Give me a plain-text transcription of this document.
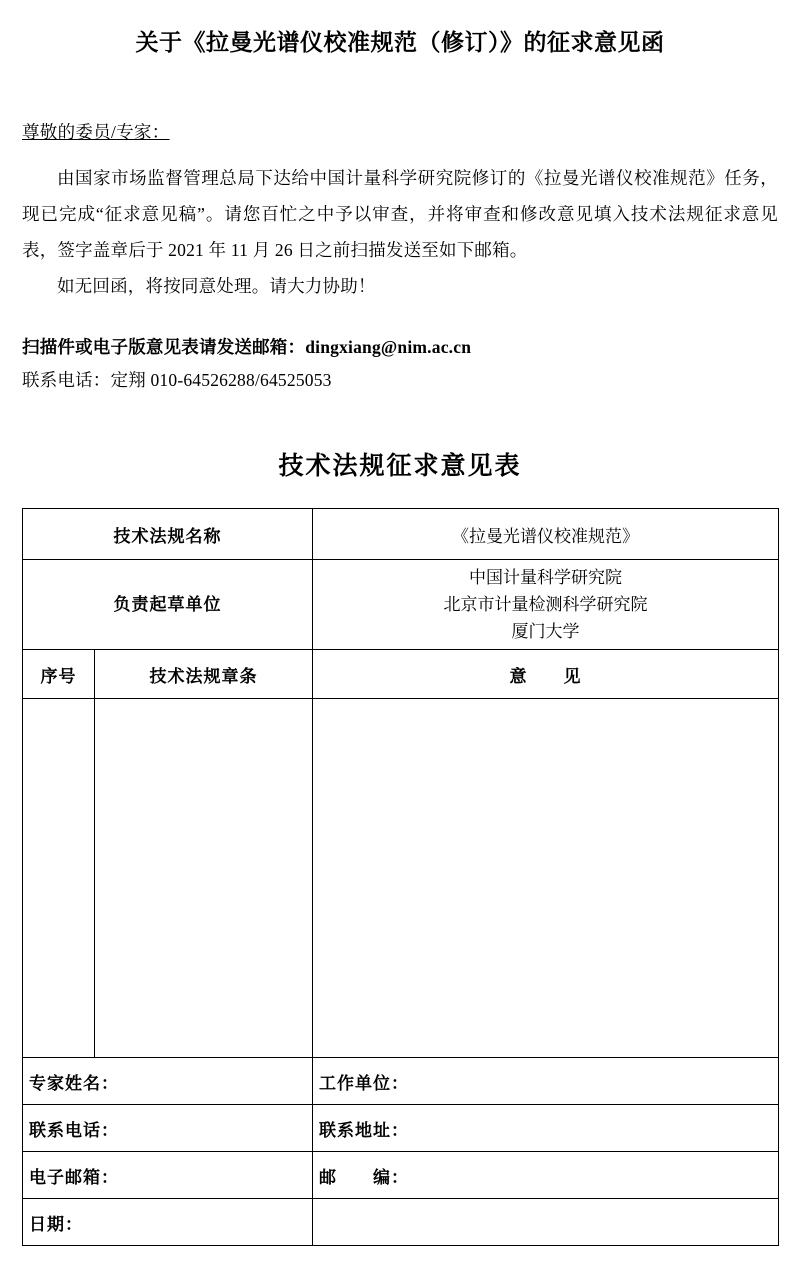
关于《拉曼光谱仪校准规范（修订）》的征求意见函
尊敬的委员/专家：

由国家市场监督管理总局下达给中国计量科学研究院修订的《拉曼光谱仪校准规范》任务，现已完成“征求意见稿”。请您百忙之中予以审查，并将审查和修改意见填入技术法规征求意见表，签字盖章后于 2021 年 11 月 26 日之前扫描发送至如下邮箱。

如无回函，将按同意处理。请大力协助！

扫描件或电子版意见表请发送邮箱：dingxiang@nim.ac.cn
联系电话：定翔 010-64526288/64525053
技术法规征求意见表
技术法规名称		《拉曼光谱仪校准规范》
负责起草单位		中国计量科学研究院
北京市计量检测科学研究院
厦门大学

序号	技术法规章条	意　　见

专家姓名：		工作单位：
联系电话：		联系地址：
电子邮箱：		邮　　编：
日期：		
